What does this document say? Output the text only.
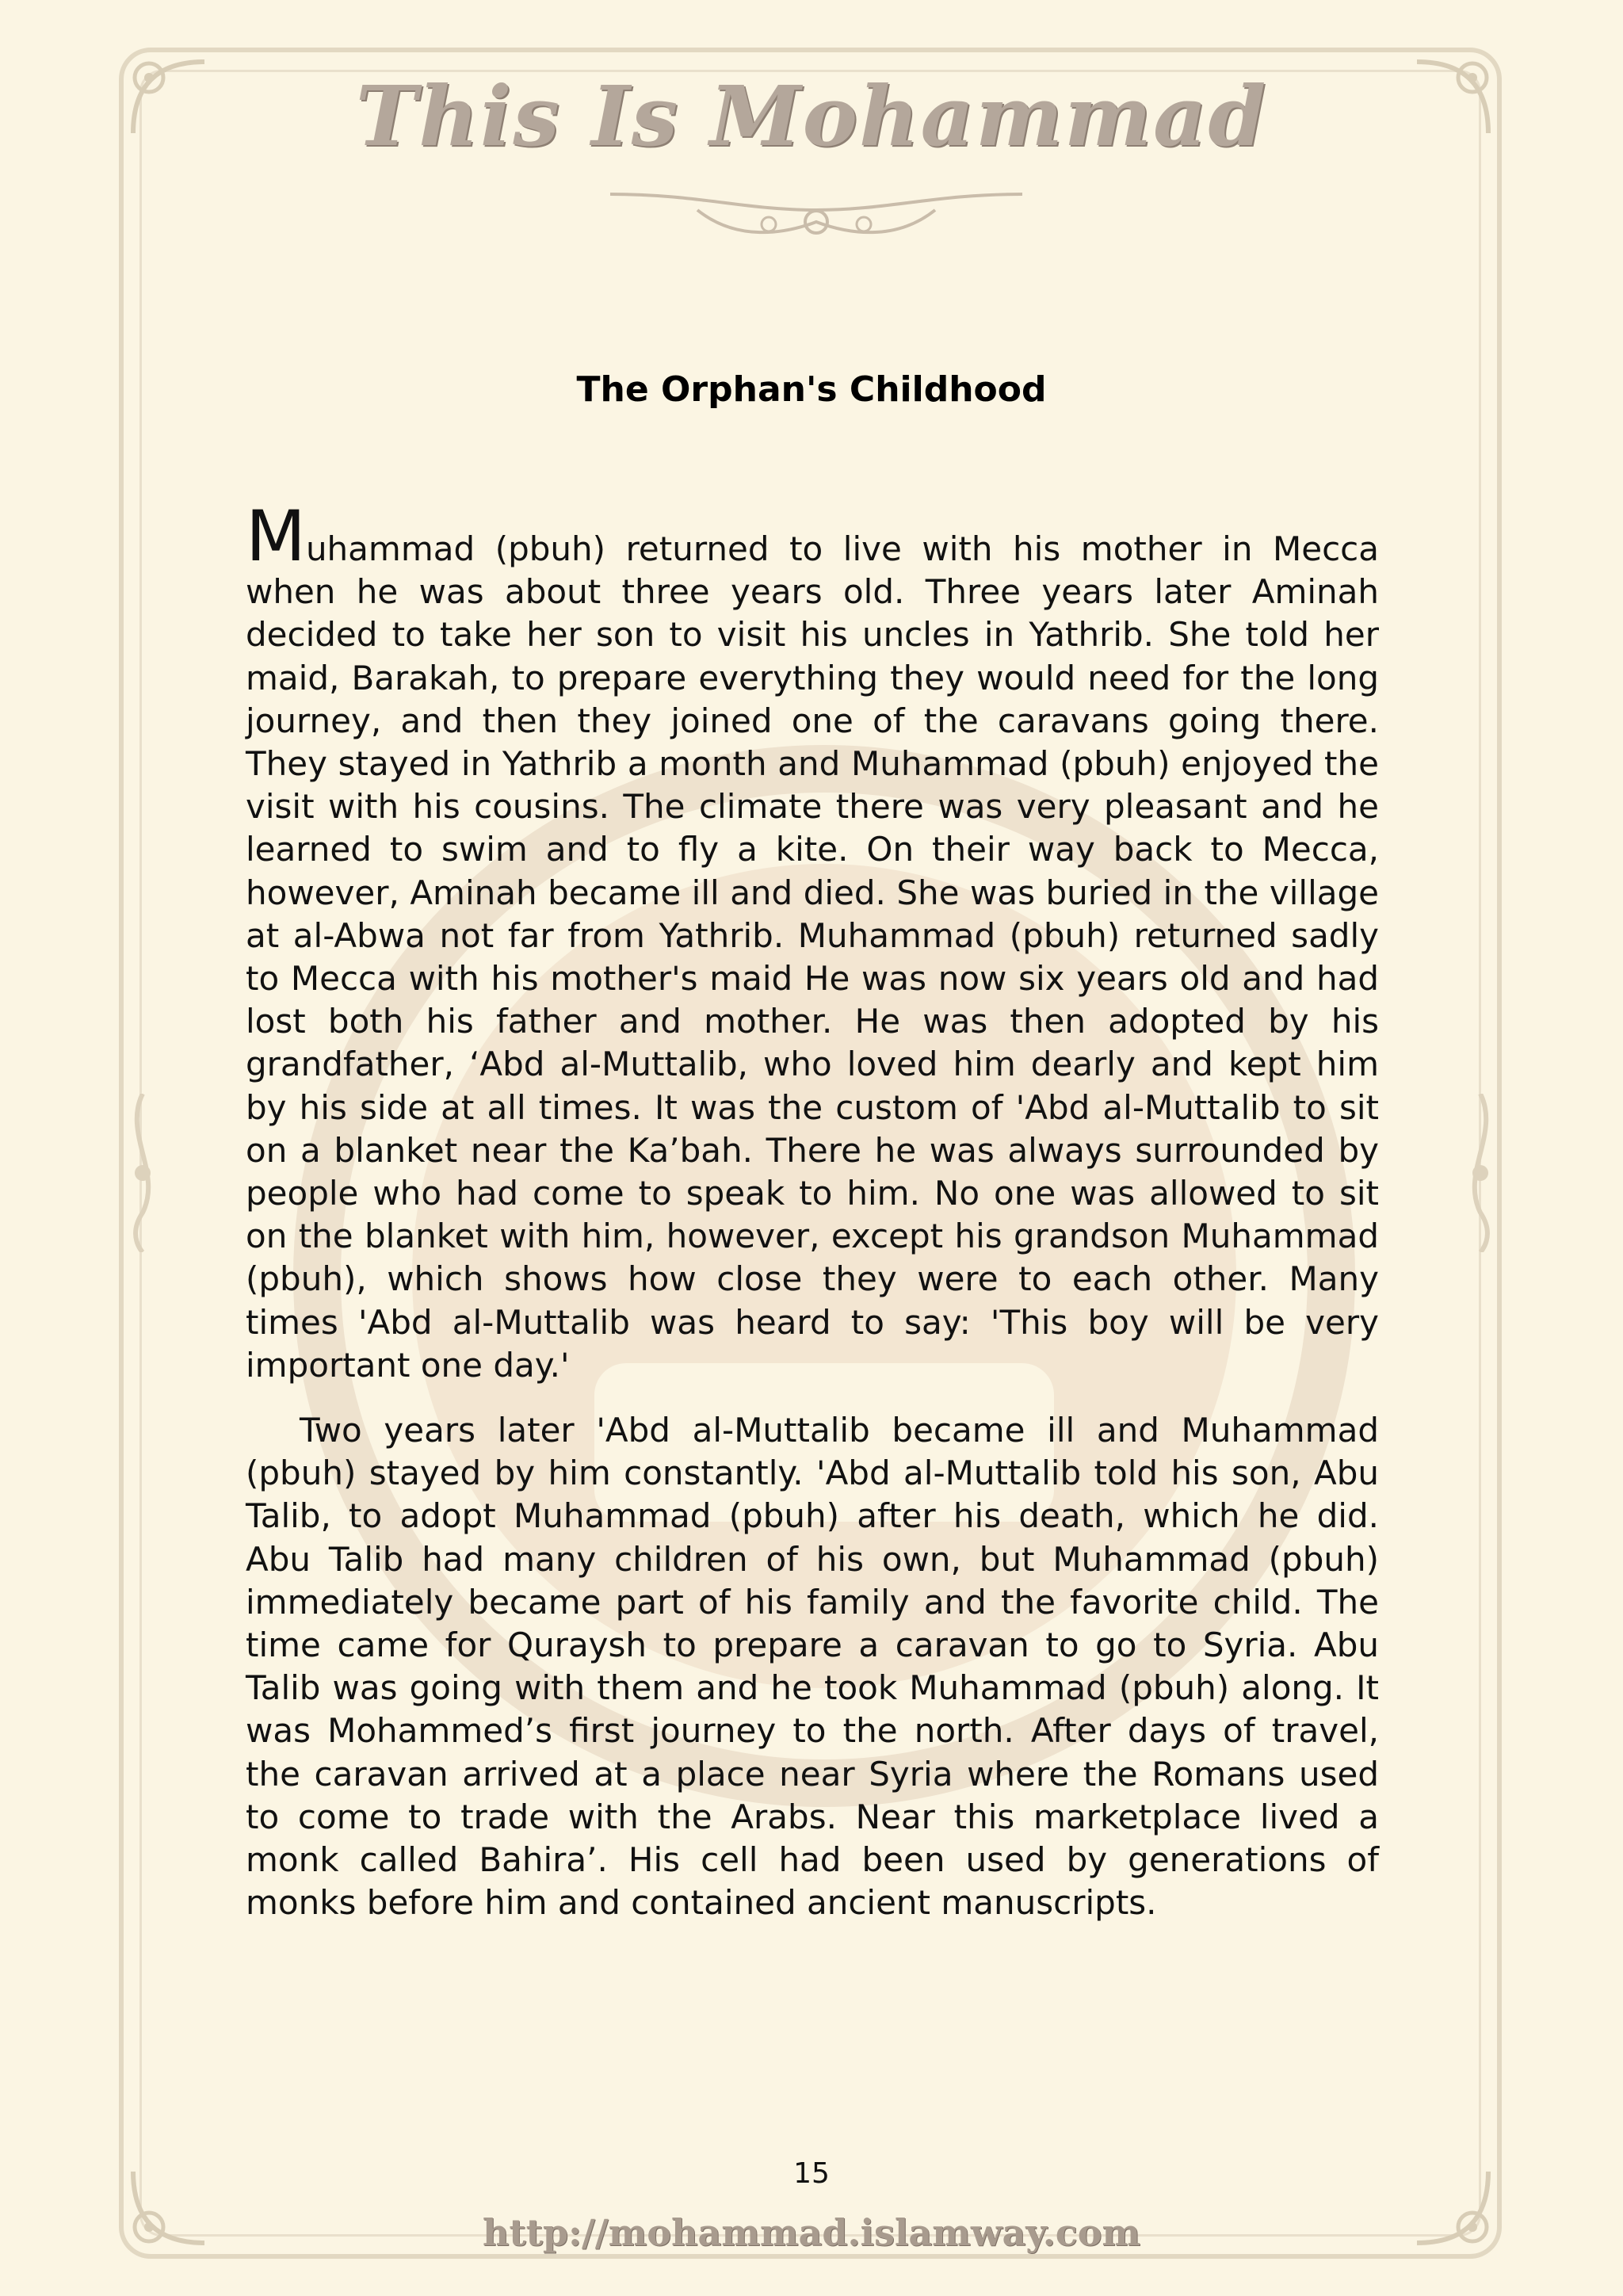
This Is Mohammad
The Orphan's Childhood

Muhammad (pbuh) returned to live with his mother in Mecca when he was about three years old. Three years later Aminah decided to take her son to visit his uncles in Yathrib. She told her maid, Barakah, to prepare everything they would need for the long journey, and then they joined one of the caravans going there. They stayed in Yathrib a month and Muhammad (pbuh) enjoyed the visit with his cousins. The climate there was very pleasant and he learned to swim and to fly a kite. On their way back to Mecca, however, Aminah became ill and died. She was buried in the village at al-Abwa not far from Yathrib. Muhammad (pbuh) returned sadly to Mecca with his mother's maid He was now six years old and had lost both his father and mother. He was then adopted by his grandfather, ‘Abd al-Muttalib, who loved him dearly and kept him by his side at all times. It was the custom of 'Abd al-Muttalib to sit on a blanket near the Ka’bah. There he was always surrounded by people who had come to speak to him. No one was allowed to sit on the blanket with him, however, except his grandson Muhammad (pbuh), which shows how close they were to each other. Many times 'Abd al-Muttalib was heard to say: 'This boy will be very important one day.'

Two years later 'Abd al-Muttalib became ill and Muhammad (pbuh) stayed by him constantly. 'Abd al-Muttalib told his son, Abu Talib, to adopt Muhammad (pbuh) after his death, which he did. Abu Talib had many children of his own, but Muhammad (pbuh) immediately became part of his family and the favorite child. The time came for Quraysh to prepare a caravan to go to Syria. Abu Talib was going with them and he took Muhammad (pbuh) along. It was Mohammed’s first journey to the north. After days of travel, the caravan arrived at a place near Syria where the Romans used to come to trade with the Arabs. Near this marketplace lived a monk called Bahira’. His cell had been used by generations of monks before him and contained ancient manuscripts.

15
http://mohammad.islamway.com
